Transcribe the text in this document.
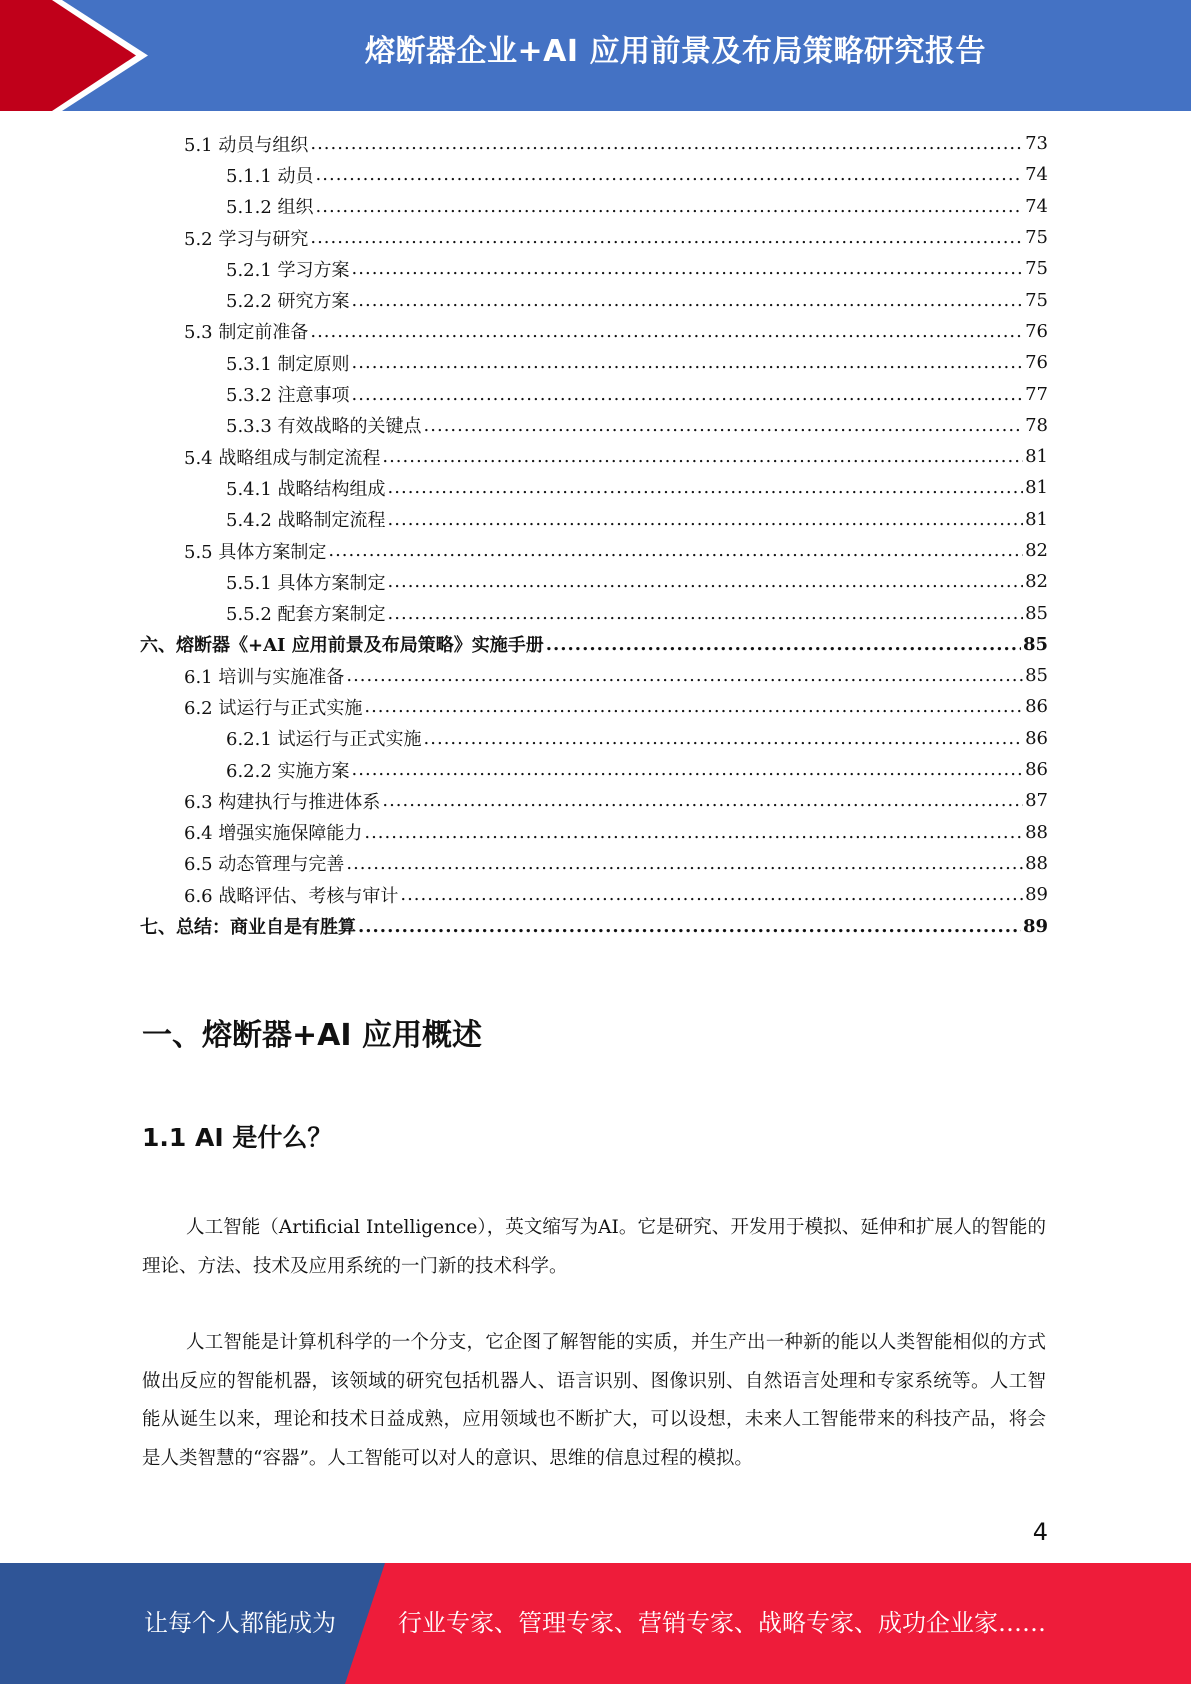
熔断器企业+AI 应用前景及布局策略研究报告
5.1 动员与组织 .....	73
5.1.1 动员 .....	74
5.1.2 组织 .....	74
5.2 学习与研究 .....	75
5.2.1 学习方案 .....	75
5.2.2 研究方案 .....	75
5.3 制定前准备 .....	76
5.3.1 制定原则 .....	76
5.3.2 注意事项 .....	77
5.3.3 有效战略的关键点 .....	78
5.4 战略组成与制定流程 .....	81
5.4.1 战略结构组成 .....	81
5.4.2 战略制定流程 .....	81
5.5 具体方案制定 .....	82
5.5.1 具体方案制定 .....	82
5.5.2 配套方案制定 .....	85
六、熔断器《+AI 应用前景及布局策略》实施手册 .....	85
6.1 培训与实施准备 .....	85
6.2 试运行与正式实施 .....	86
6.2.1 试运行与正式实施 .....	86
6.2.2 实施方案 .....	86
6.3 构建执行与推进体系 .....	87
6.4 增强实施保障能力 .....	88
6.5 动态管理与完善 .....	88
6.6 战略评估、考核与审计 .....	89
七、总结：商业自是有胜算 .....	89
一、熔断器+AI 应用概述
1.1 AI 是什么？
人工智能（Artificial Intelligence），英文缩写为AI。它是研究、开发用于模拟、延伸和扩展人的智能的理论、方法、技术及应用系统的一门新的技术科学。
人工智能是计算机科学的一个分支，它企图了解智能的实质，并生产出一种新的能以人类智能相似的方式做出反应的智能机器，该领域的研究包括机器人、语言识别、图像识别、自然语言处理和专家系统等。人工智能从诞生以来，理论和技术日益成熟，应用领域也不断扩大，可以设想，未来人工智能带来的科技产品，将会是人类智慧的“容器”。人工智能可以对人的意识、思维的信息过程的模拟。
4
让每个人都能成为	行业专家、管理专家、营销专家、战略专家、成功企业家……
